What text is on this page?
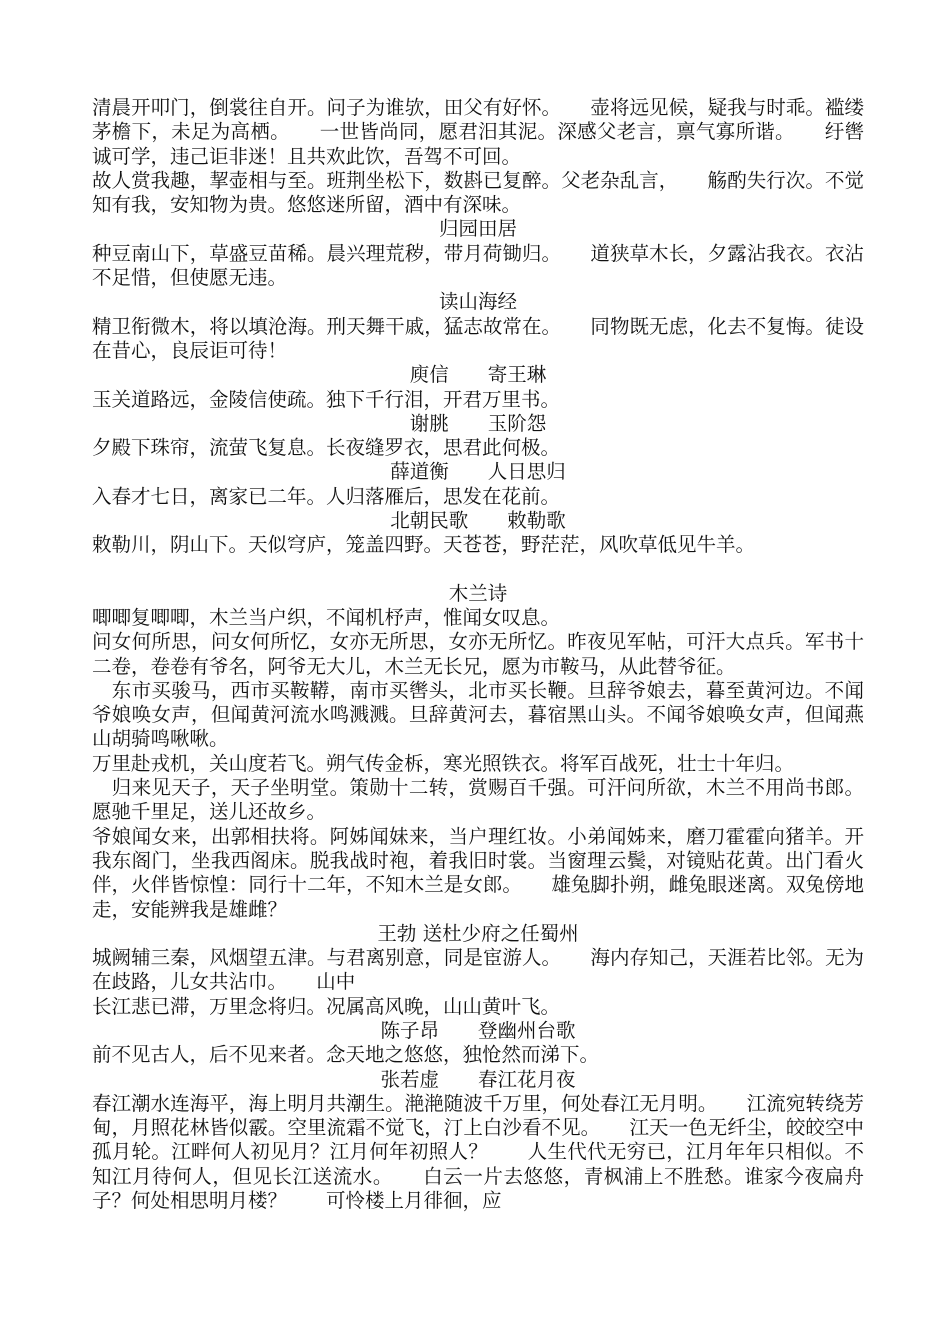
清晨开叩门，倒裳往自开。问子为谁欤，田父有好怀。　　壶将远见候，疑我与时乖。褴缕茅檐下，未足为高栖。　　一世皆尚同，愿君汨其泥。深感父老言，禀气寡所谐。　　纡辔诚可学，违己讵非迷！且共欢此饮，吾驾不可回。
故人赏我趣，挈壶相与至。班荆坐松下，数斟已复醉。父老杂乱言，　　觞酌失行次。不觉知有我，安知物为贵。悠悠迷所留，酒中有深味。
归园田居
种豆南山下，草盛豆苗稀。晨兴理荒秽，带月荷锄归。　　道狭草木长，夕露沾我衣。衣沾不足惜，但使愿无违。
读山海经
精卫衔微木，将以填沧海。刑天舞干戚，猛志故常在。　　同物既无虑，化去不复悔。徒设在昔心，良辰讵可待！
庾信　　寄王琳
玉关道路远，金陵信使疏。独下千行泪，开君万里书。
谢朓　　玉阶怨
夕殿下珠帘，流萤飞复息。长夜缝罗衣，思君此何极。
薛道衡　　人日思归
入春才七日，离家已二年。人归落雁后，思发在花前。
北朝民歌　　敕勒歌
敕勒川，阴山下。天似穹庐，笼盖四野。天苍苍，野茫茫，风吹草低见牛羊。
木兰诗
唧唧复唧唧，木兰当户织，不闻机杼声，惟闻女叹息。
问女何所思，问女何所忆，女亦无所思，女亦无所忆。昨夜见军帖，可汗大点兵。军书十二卷，卷卷有爷名，阿爷无大儿，木兰无长兄，愿为市鞍马，从此替爷征。
　东市买骏马，西市买鞍鞯，南市买辔头，北市买长鞭。旦辞爷娘去，暮至黄河边。不闻爷娘唤女声，但闻黄河流水鸣溅溅。旦辞黄河去，暮宿黑山头。不闻爷娘唤女声，但闻燕山胡骑鸣啾啾。
万里赴戎机，关山度若飞。朔气传金柝，寒光照铁衣。将军百战死，壮士十年归。
　归来见天子，天子坐明堂。策勋十二转，赏赐百千强。可汗问所欲，木兰不用尚书郎。愿驰千里足，送儿还故乡。
爷娘闻女来，出郭相扶将。阿姊闻妹来，当户理红妆。小弟闻姊来，磨刀霍霍向猪羊。开我东阁门，坐我西阁床。脱我战时袍，着我旧时裳。当窗理云鬓，对镜贴花黄。出门看火伴，火伴皆惊惶：同行十二年，不知木兰是女郎。　　雄兔脚扑朔，雌兔眼迷离。双兔傍地走，安能辨我是雄雌？
王勃 送杜少府之任蜀州
城阙辅三秦，风烟望五津。与君离别意，同是宦游人。　　海内存知己，天涯若比邻。无为在歧路，儿女共沾巾。　　山中
长江悲已滞，万里念将归。况属高风晚，山山黄叶飞。
陈子昂　　登幽州台歌
前不见古人，后不见来者。念天地之悠悠，独怆然而涕下。
张若虚　　春江花月夜
春江潮水连海平，海上明月共潮生。滟滟随波千万里，何处春江无月明。　　江流宛转绕芳甸，月照花林皆似霰。空里流霜不觉飞，汀上白沙看不见。　　江天一色无纤尘，皎皎空中孤月轮。江畔何人初见月？江月何年初照人？　　人生代代无穷已，江月年年只相似。不知江月待何人，但见长江送流水。　　白云一片去悠悠，青枫浦上不胜愁。谁家今夜扁舟子？何处相思明月楼？　　可怜楼上月徘徊，应
